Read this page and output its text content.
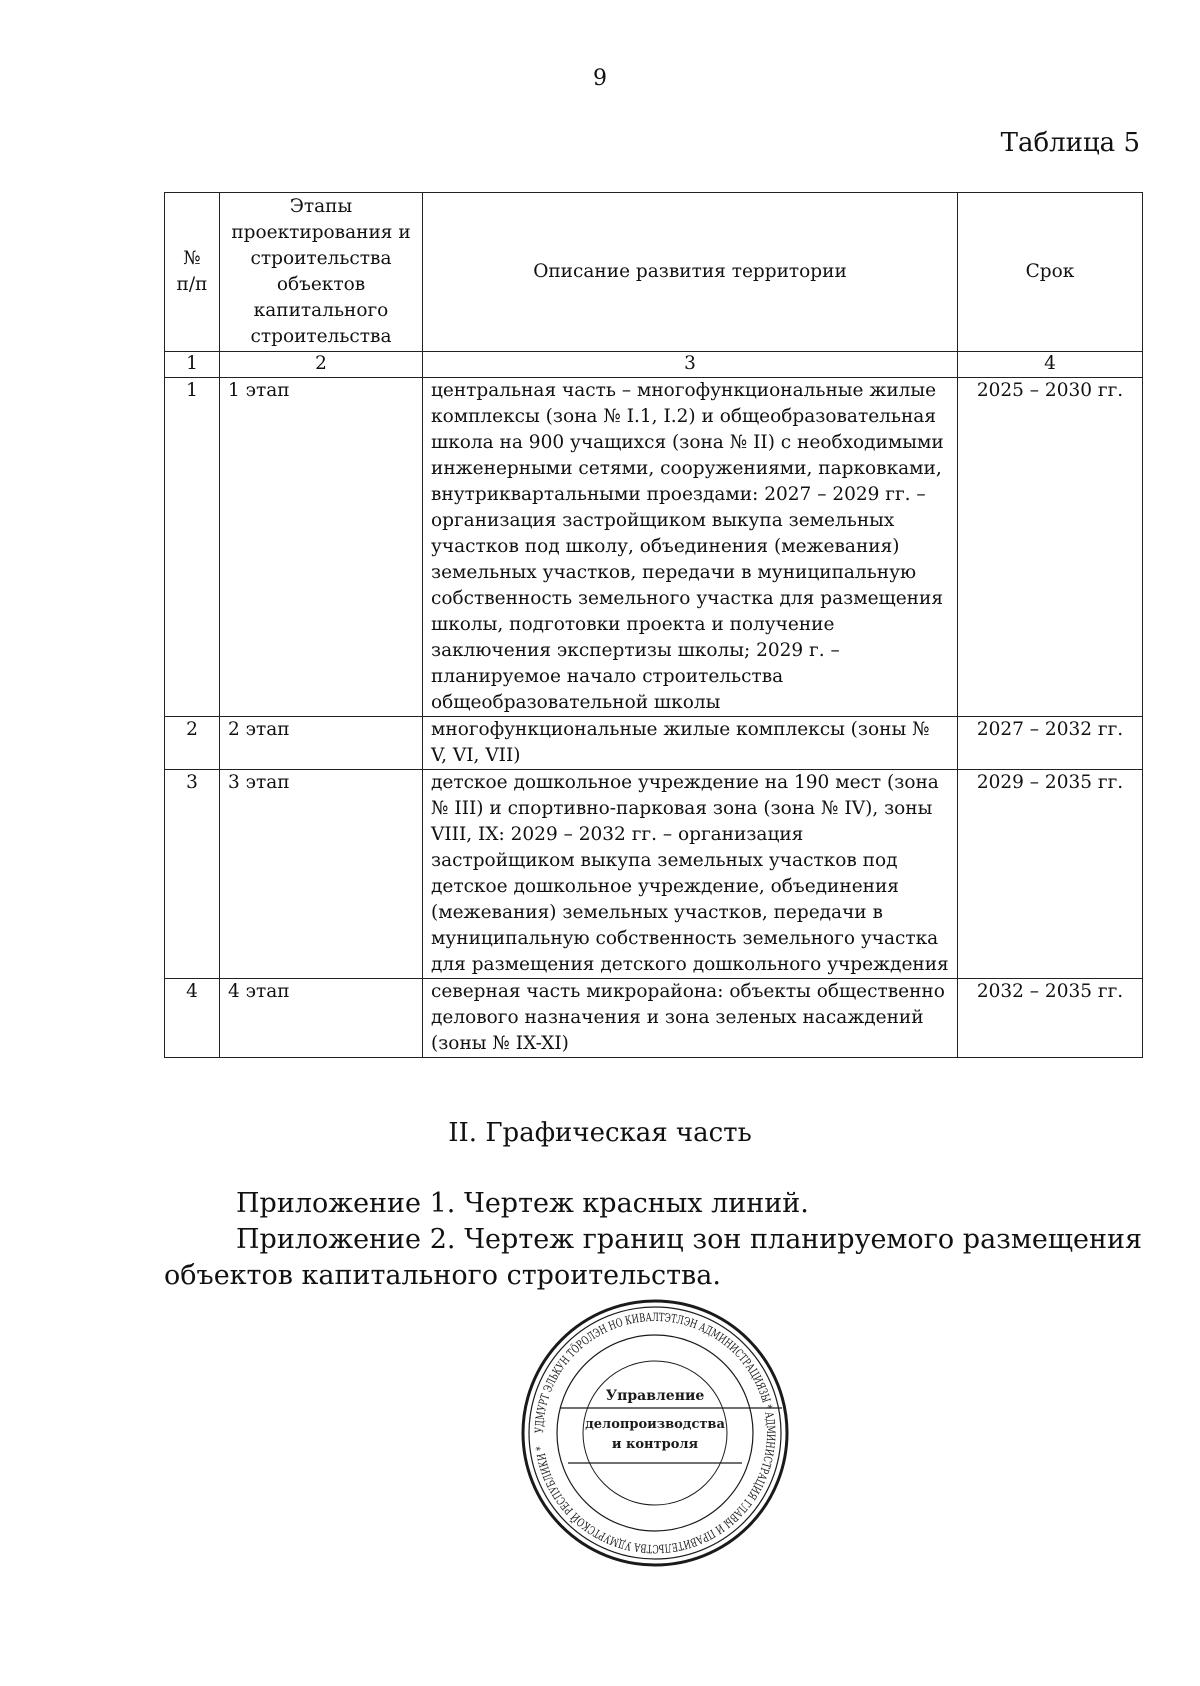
9
Таблица 5
№ п/п	Этапы проектирования и строительства объектов капитального строительства	Описание развития территории	Срок
1	2	3	4
1	1 этап	центральная часть – многофункциональные жилые комплексы (зона № I.1, I.2) и общеобразовательная школа на 900 учащихся (зона № II) с необходимыми инженерными сетями, сооружениями, парковками, внутриквартальными проездами: 2027 – 2029 гг. – организация застройщиком выкупа земельных участков под школу, объединения (межевания) земельных участков, передачи в муниципальную собственность земельного участка для размещения школы, подготовки проекта и получение заключения экспертизы школы; 2029 г. – планируемое начало строительства общеобразовательной школы	2025 – 2030 гг.
2	2 этап	многофункциональные жилые комплексы (зоны № V, VI, VII)	2027 – 2032 гг.
3	3 этап	детское дошкольное учреждение на 190 мест (зона № III) и спортивно-парковая зона (зона № IV), зоны VIII, IX: 2029 – 2032 гг. – организация застройщиком выкупа земельных участков под детское дошкольное учреждение, объединения (межевания) земельных участков, передачи в муниципальную собственность земельного участка для размещения детского дошкольного учреждения	2029 – 2035 гг.
4	4 этап	северная часть микрорайона: объекты общественно делового назначения и зона зеленых насаждений (зоны № IX-XI)	2032 – 2035 гг.
II. Графическая часть
Приложение 1. Чертеж красных линий.
Приложение 2. Чертеж границ зон планируемого размещения объектов капитального строительства.
УДМУРТ ЭЛЬКУН ТӦРОЛЭН НО КИВАЛТЭТЛЭН АДМИНИСТРАЦИЯЗЫ * АДМИНИСТРАЦИЯ ГЛАВЫ И ПРАВИТЕЛЬСТВА УДМУРТСКОЙ РЕСПУБЛИКИ *
Управление
делопроизводства
и контроля
